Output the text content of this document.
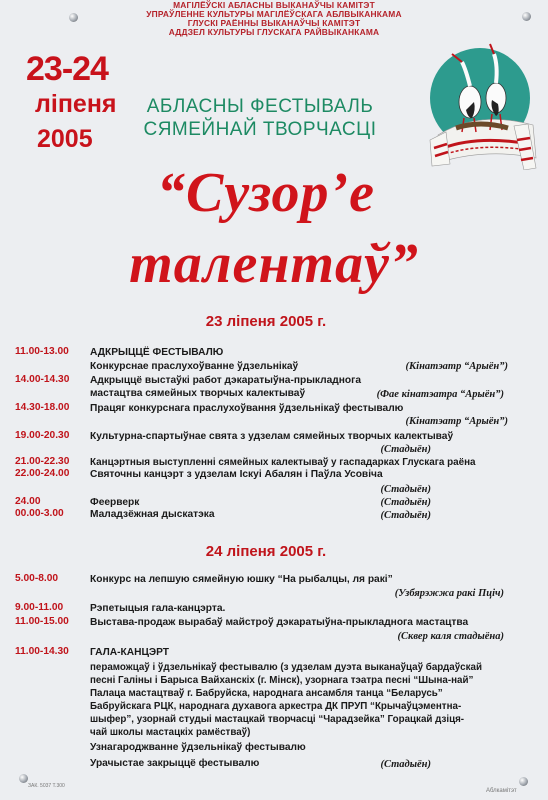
МАГІЛЁЎСКІ АБЛАСНЫ ВЫКАНАЎЧЫ КАМІТЭТ
УПРАЎЛЕННЕ КУЛЬТУРЫ МАГІЛЁЎСКАГА АБЛВЫКАНКАМА
ГЛУСКІ РАЁННЫ ВЫКАНАЎЧЫ КАМІТЭТ
АДДЗЕЛ КУЛЬТУРЫ ГЛУСКАГА РАЙВЫКАНКАМА
23-24
ліпеня
2005
АБЛАСНЫ ФЕСТЫВАЛЬ
СЯМЕЙНАЙ ТВОРЧАСЦІ
“Сузор’е
талентаў”
23 ліпеня 2005 г.
11.00-13.00 АДКРЫЦЦЁ ФЕСТЫВАЛЮ
Конкурснае праслухоўванне ўдзельнікаў	(Кінатэатр “Арыён”)
14.00-14.30 Адкрыццё выстаўкі работ дэкаратыўна-прыкладнога
мастацтва сямейных творчых калектываў	(Фае кінатэатра “Арыён”)
14.30-18.00 Працяг конкурснага праслухоўвання ўдзельнікаў фестывалю
(Кінатэатр “Арыён”)
19.00-20.30 Культурна-спартыўнае свята з удзелам сямейных творчых калектываў
(Стадыён)
21.00-22.30 Канцэртныя выступленні сямейных калектываў у гаспадарках Глускага раёна
22.00-24.00 Святочны канцэрт з удзелам Іскуі Абалян і Паўла Усовіча
(Стадыён)
24.00	Феерверк	(Стадыён)
00.00-3.00	Маладзёжная дыскатэка	(Стадыён)
24 ліпеня 2005 г.
5.00-8.00	Конкурс на лепшую сямейную юшку “На рыбалцы, ля ракі”
(Узбярэжжа ракі Пціч)
9.00-11.00	Рэпетыцыя гала-канцэрта.
11.00-15.00 Выстава-продаж вырабаў майстроў дэкаратыўна-прыкладнога мастацтва
(Сквер каля стадыёна)
11.00-14.30 ГАЛА-КАНЦЭРТ
пераможцаў і ўдзельнікаў фестывалю (з удзелам дуэта выканаўцаў бардаўскай
песні Галіны і Барыса Вайханскіх (г. Мінск), узорнага тэатра песні “Шына-най”
Палаца мастацтваў г. Бабруйска, народнага ансамбля танца “Беларусь”
Бабруйскага РЦК, народнага духавога аркестра ДК ПРУП “Крычаўцэментна-
шыфер”, узорнай студыі мастацкай творчасці “Чарадзейка” Горацкай дзіця-
чай школы мастацкіх рамёстваў)
Узнагароджванне ўдзельнікаў фестывалю
Урачыстае закрыццё фестывалю	(Стадыён)
ЗАК. 5037 Т.300
Аблкамітэт
